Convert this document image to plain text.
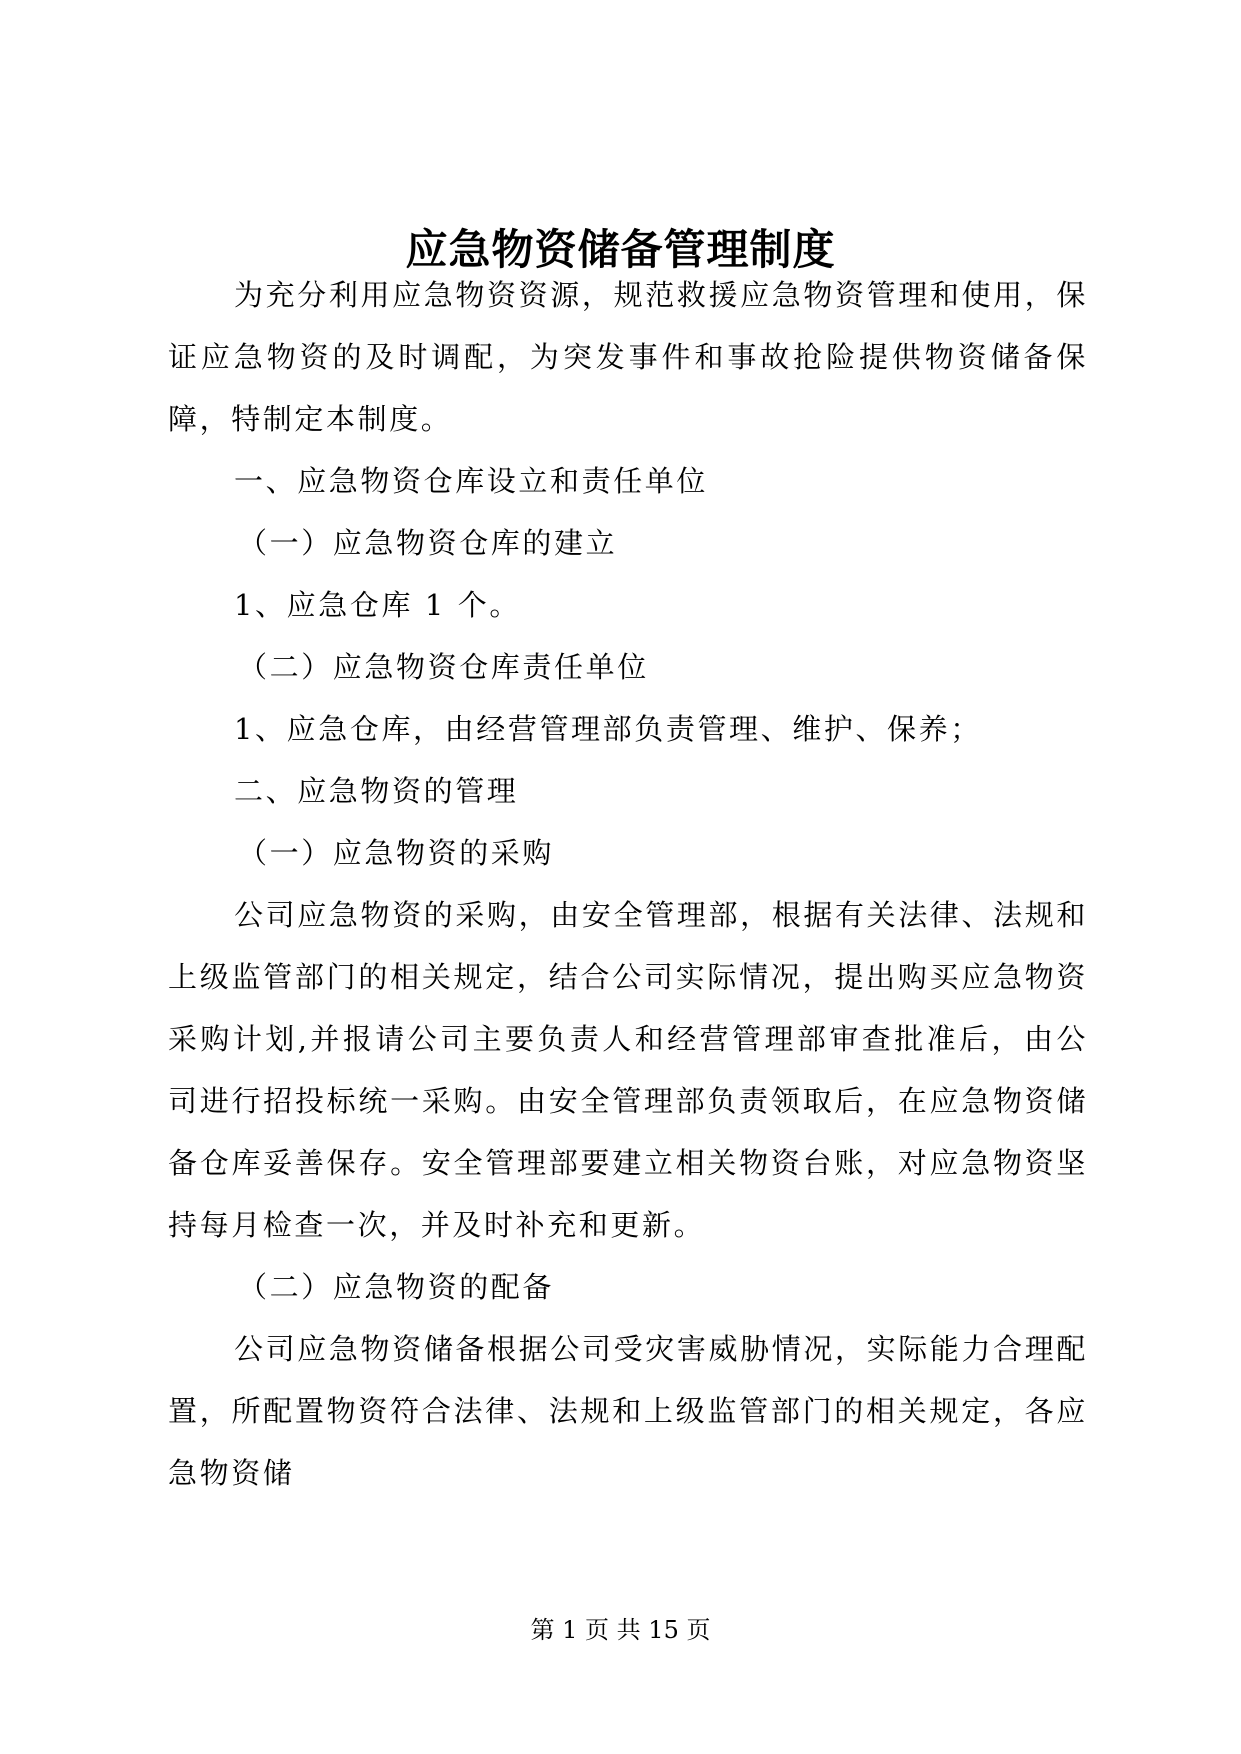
应急物资储备管理制度

为充分利用应急物资资源，规范救援应急物资管理和使用，保证应急物资的及时调配，为突发事件和事故抢险提供物资储备保障，特制定本制度。

一、应急物资仓库设立和责任单位

（一）应急物资仓库的建立

1、应急仓库 1 个。

（二）应急物资仓库责任单位

1、应急仓库，由经营管理部负责管理、维护、保养；

二、应急物资的管理

（一）应急物资的采购

公司应急物资的采购，由安全管理部，根据有关法律、法规和上级监管部门的相关规定，结合公司实际情况，提出购买应急物资采购计划,并报请公司主要负责人和经营管理部审查批准后，由公司进行招投标统一采购。由安全管理部负责领取后，在应急物资储备仓库妥善保存。安全管理部要建立相关物资台账，对应急物资坚持每月检查一次，并及时补充和更新。

（二）应急物资的配备

公司应急物资储备根据公司受灾害威胁情况，实际能力合理配置，所配置物资符合法律、法规和上级监管部门的相关规定，各应急物资储

第 1 页 共 15 页
